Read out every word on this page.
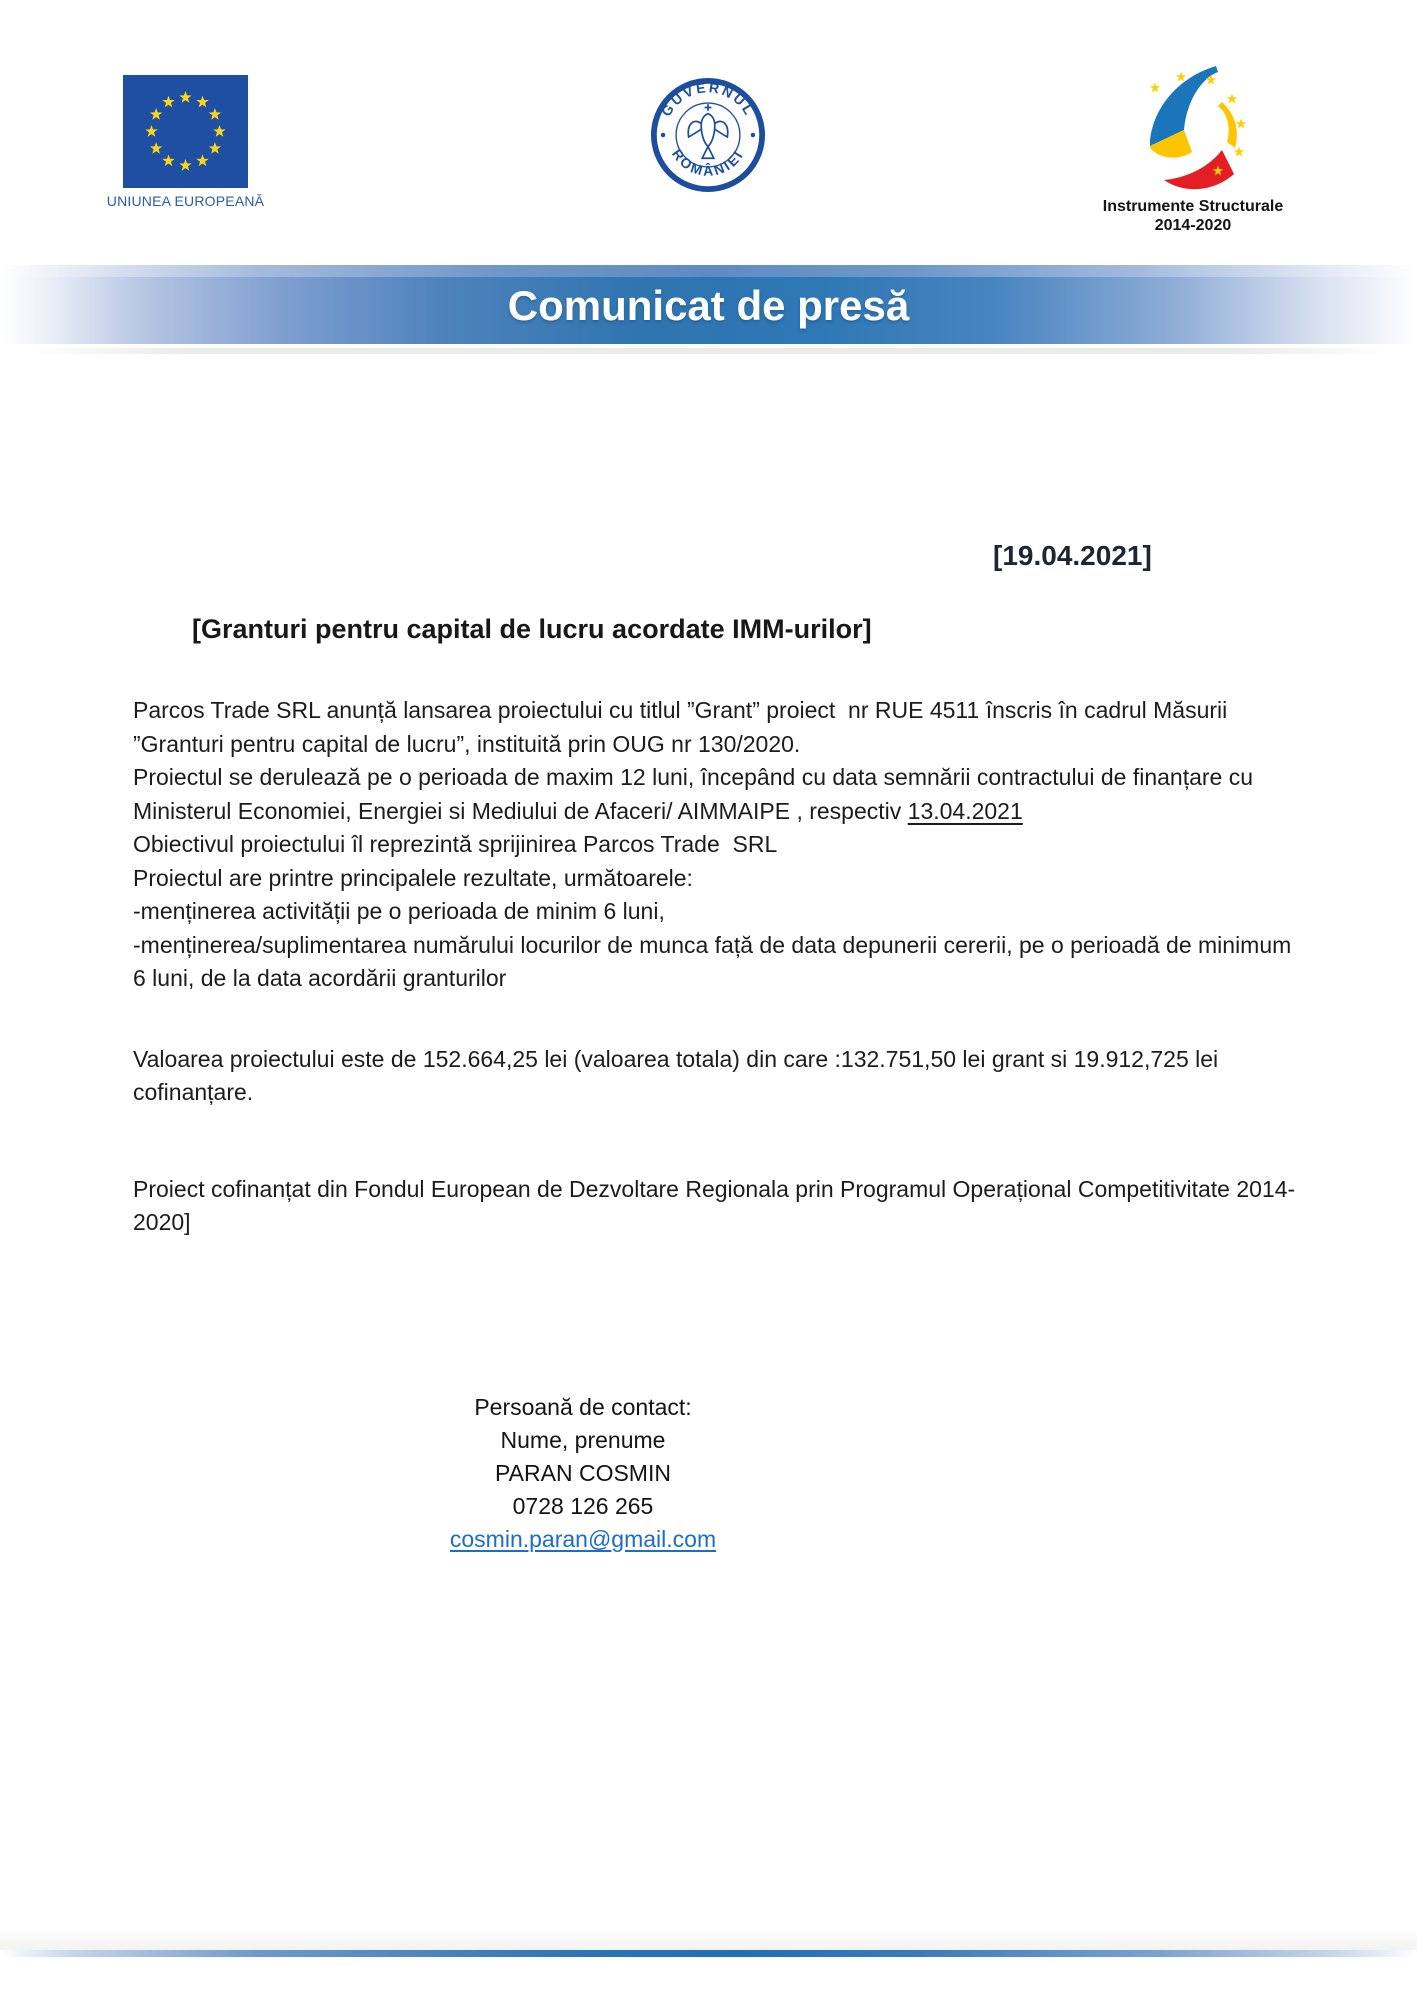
UNIUNEA EUROPEANĂ
GUVERNUL
ROMÂNIEI
Instrumente Structurale
2014-2020
Comunicat de presă
[19.04.2021]
[Granturi pentru capital de lucru acordate IMM-urilor]

Parcos Trade SRL anunță lansarea proiectului cu titlul ”Grant” proiect  nr RUE 4511 înscris în cadrul Măsurii ”Granturi pentru capital de lucru”, instituită prin OUG nr 130/2020.

Proiectul se derulează pe o perioada de maxim 12 luni, începând cu data semnării contractului de finanțare cu Ministerul Economiei, Energiei si Mediului de Afaceri/ AIMMAIPE , respectiv 13.04.2021

Obiectivul proiectului îl reprezintă sprijinirea Parcos Trade  SRL

Proiectul are printre principalele rezultate, următoarele:

-menținerea activității pe o perioada de minim 6 luni,

-menținerea/suplimentarea numărului locurilor de munca față de data depunerii cererii, pe o perioadă de minimum 6 luni, de la data acordării granturilor

Valoarea proiectului este de 152.664,25 lei (valoarea totala) din care :132.751,50 lei grant si 19.912,725 lei cofinanțare.

Proiect cofinanțat din Fondul European de Dezvoltare Regionala prin Programul Operațional Competitivitate 2014-2020]

Persoană de contact:

Nume, prenume

PARAN COSMIN

0728 126 265

cosmin.paran@gmail.com
